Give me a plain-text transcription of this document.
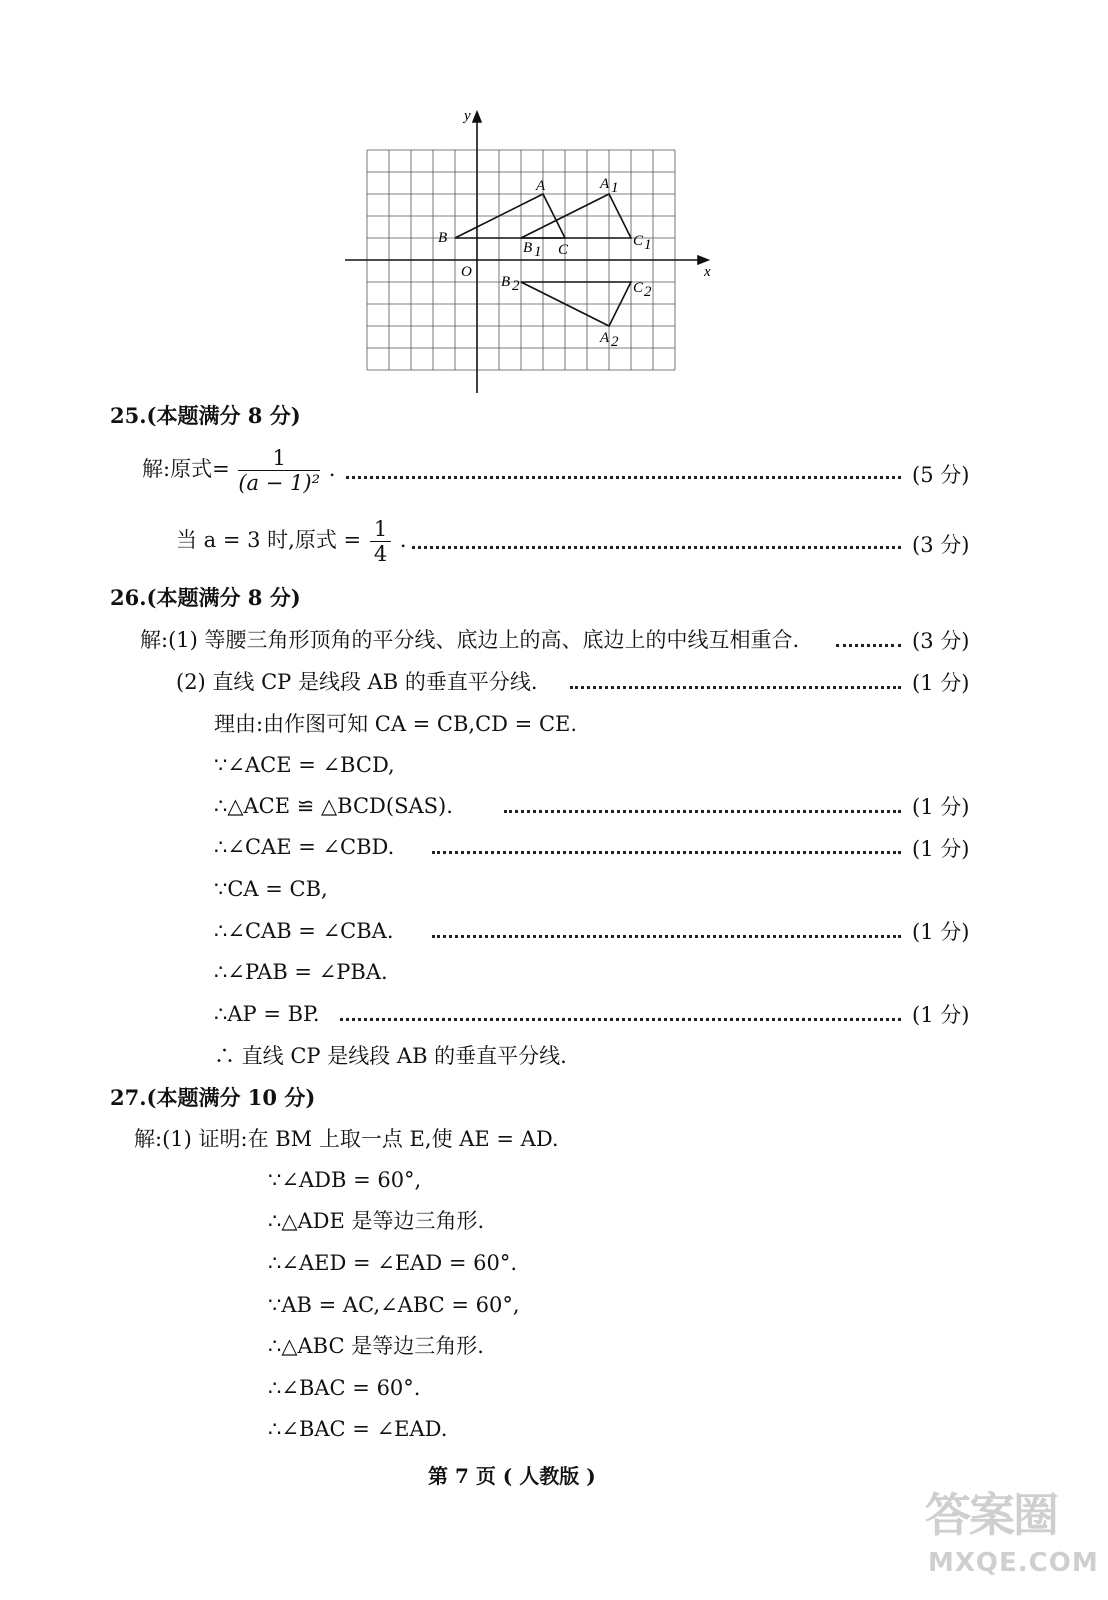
y
x
O
A	A 1
A 2
B
B 1
B 2
C
C 1
C 2
25.(本题满分 8 分)
解:原式= $\frac{1}{\text{(a − 1)²}}$ .	(5 分)
当 a = 3 时,原式 = $\frac{1}{4}$ .	(3 分)
26.(本题满分 8 分)
解:(1) 等腰三角形顶角的平分线、底边上的高、底边上的中线互相重合.	(3 分)
(2) 直线 CP 是线段 AB 的垂直平分线.	(1 分)
理由:由作图可知 CA = CB,CD = CE.
∵∠ACE = ∠BCD,
∴△ACE ≌ △BCD(SAS).	(1 分)
∴∠CAE = ∠CBD.	(1 分)
∵CA = CB,
∴∠CAB = ∠CBA.	(1 分)
∴∠PAB = ∠PBA.
∴AP = BP.	(1 分)
∴ 直线 CP 是线段 AB 的垂直平分线.
27.(本题满分 10 分)
解:(1) 证明:在 BM 上取一点 E,使 AE = AD.
∵∠ADB = 60°,
∴△ADE 是等边三角形.
∴∠AED = ∠EAD = 60°.
∵AB = AC,∠ABC = 60°,
∴△ABC 是等边三角形.
∴∠BAC = 60°.
∴∠BAC = ∠EAD.
第 7 页 ( 人教版 )
答案圈
MXQE.COM
